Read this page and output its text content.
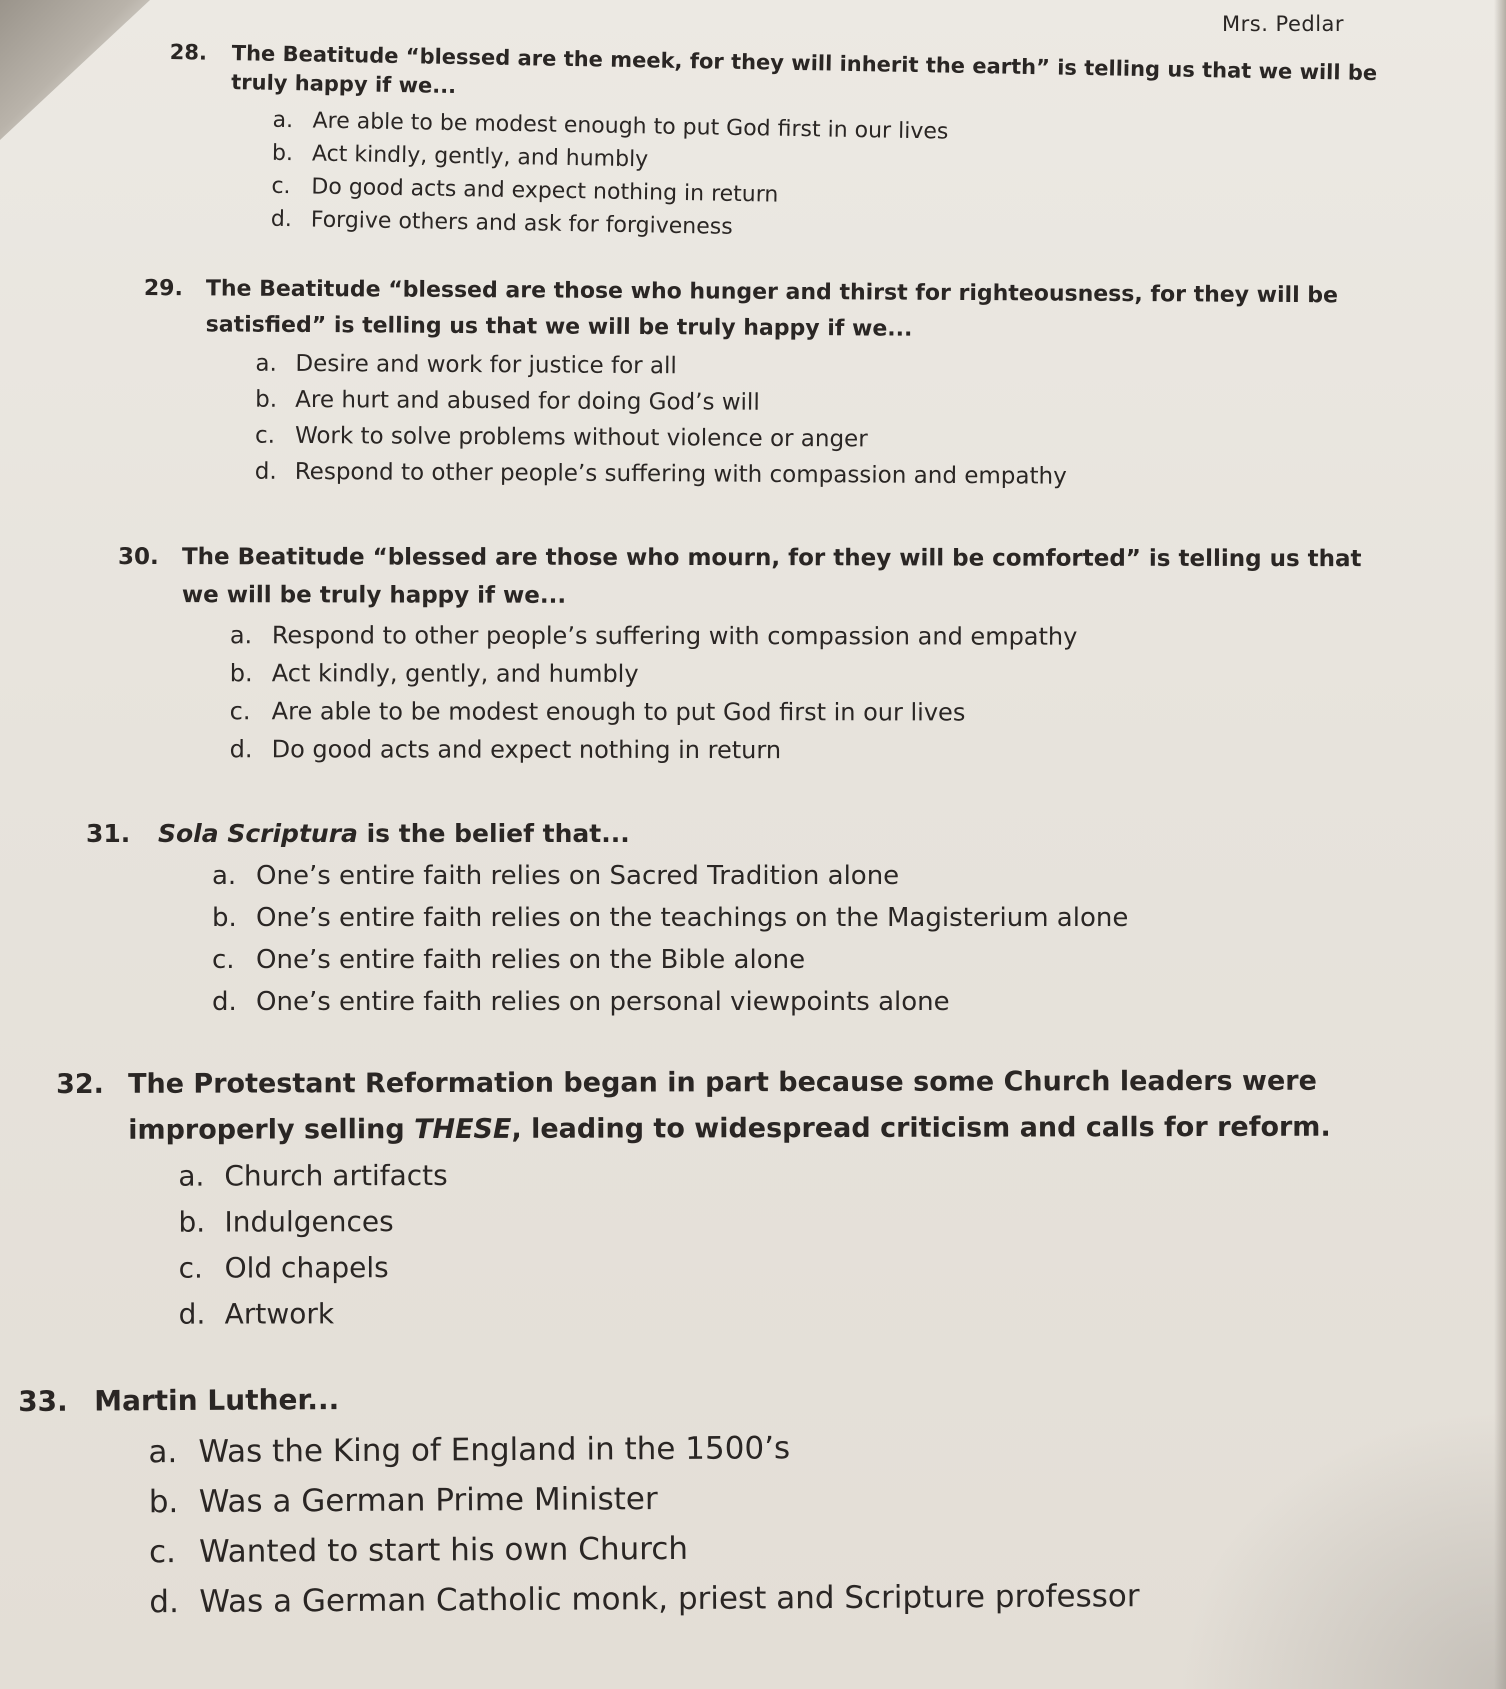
Mrs. Pedlar
28.	The Beatitude “blessed are the meek, for they will inherit the earth” is telling us that we will be truly happy if we...
a. Are able to be modest enough to put God first in our lives
b. Act kindly, gently, and humbly
c. Do good acts and expect nothing in return
d. Forgive others and ask for forgiveness
29.	The Beatitude “blessed are those who hunger and thirst for righteousness, for they will be satisfied” is telling us that we will be truly happy if we...
a. Desire and work for justice for all
b. Are hurt and abused for doing God’s will
c. Work to solve problems without violence or anger
d. Respond to other people’s suffering with compassion and empathy
30.	The Beatitude “blessed are those who mourn, for they will be comforted” is telling us that we will be truly happy if we...
a. Respond to other people’s suffering with compassion and empathy
b. Act kindly, gently, and humbly
c. Are able to be modest enough to put God first in our lives
d. Do good acts and expect nothing in return
31.	Sola Scriptura is the belief that...
a. One’s entire faith relies on Sacred Tradition alone
b. One’s entire faith relies on the teachings on the Magisterium alone
c. One’s entire faith relies on the Bible alone
d. One’s entire faith relies on personal viewpoints alone
32. The Protestant Reformation began in part because some Church leaders were improperly selling THESE, leading to widespread criticism and calls for reform.
a. Church artifacts
b. Indulgences
c. Old chapels
d. Artwork
33. Martin Luther...
a. Was the King of England in the 1500’s
b. Was a German Prime Minister
c. Wanted to start his own Church
d. Was a German Catholic monk, priest and Scripture professor
